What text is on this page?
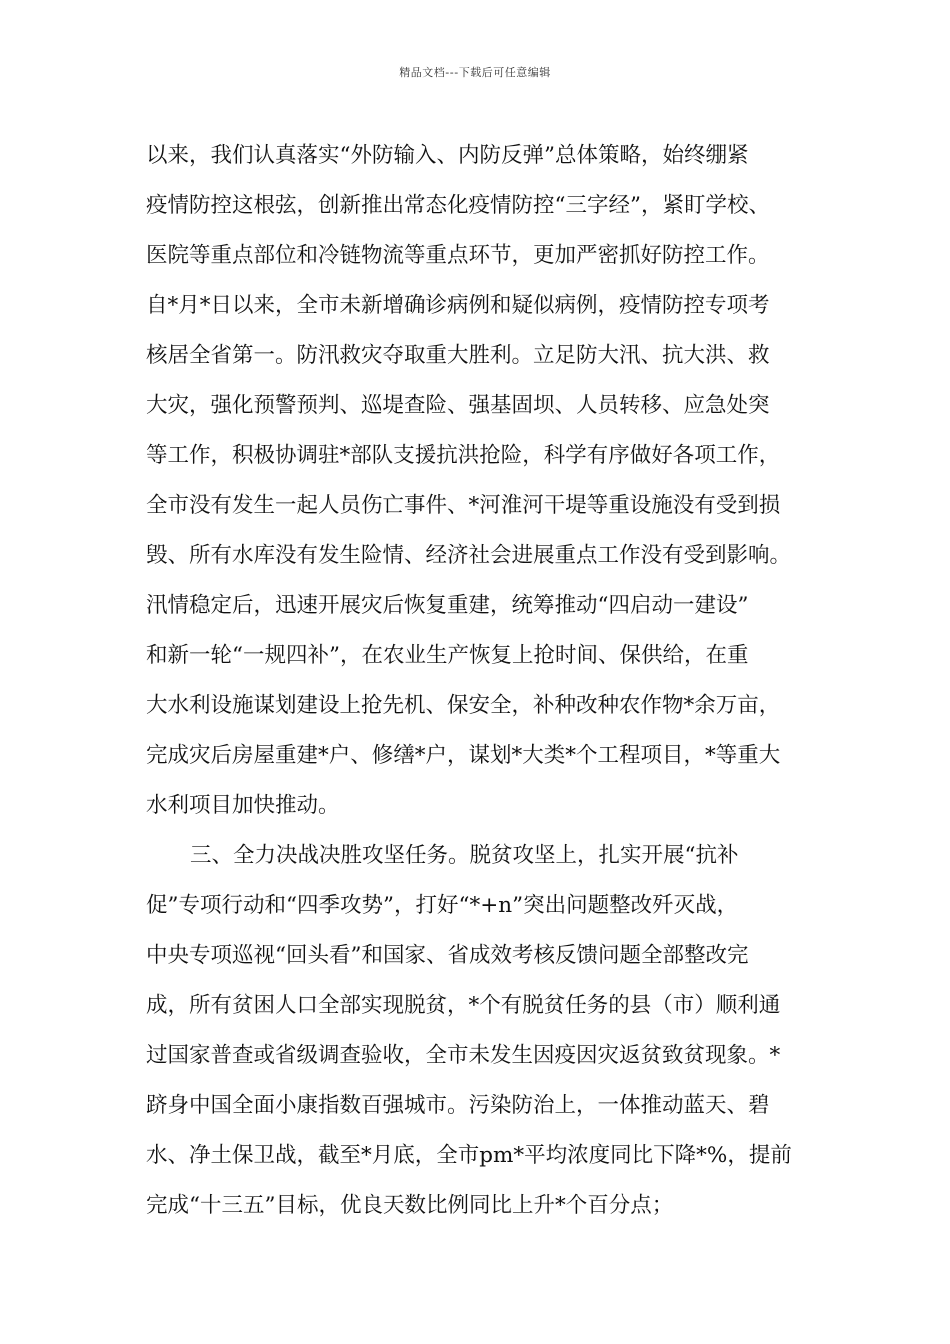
精品文档---下载后可任意编辑
以来，我们认真落实“外防输入、内防反弹”总体策略，始终绷紧
疫情防控这根弦，创新推出常态化疫情防控“三字经”，紧盯学校、
医院等重点部位和冷链物流等重点环节，更加严密抓好防控工作。
自*月*日以来，全市未新增确诊病例和疑似病例，疫情防控专项考
核居全省第一。防汛救灾夺取重大胜利。立足防大汛、抗大洪、救
大灾，强化预警预判、巡堤查险、强基固坝、人员转移、应急处突
等工作，积极协调驻*部队支援抗洪抢险，科学有序做好各项工作，
全市没有发生一起人员伤亡事件、*河淮河干堤等重设施没有受到损
毁、所有水库没有发生险情、经济社会进展重点工作没有受到影响。
汛情稳定后，迅速开展灾后恢复重建，统筹推动“四启动一建设”
和新一轮“一规四补”，在农业生产恢复上抢时间、保供给，在重
大水利设施谋划建设上抢先机、保安全，补种改种农作物*余万亩，
完成灾后房屋重建*户、修缮*户，谋划*大类*个工程项目，*等重大
水利项目加快推动。
三、全力决战决胜攻坚任务。脱贫攻坚上，扎实开展“抗补
促”专项行动和“四季攻势”，打好“*+n”突出问题整改歼灭战，
中央专项巡视“回头看”和国家、省成效考核反馈问题全部整改完
成，所有贫困人口全部实现脱贫，*个有脱贫任务的县（市）顺利通
过国家普查或省级调查验收，全市未发生因疫因灾返贫致贫现象。*
跻身中国全面小康指数百强城市。污染防治上，一体推动蓝天、碧
水、净土保卫战，截至*月底，全市pm*平均浓度同比下降*%，提前
完成“十三五”目标，优良天数比例同比上升*个百分点；
